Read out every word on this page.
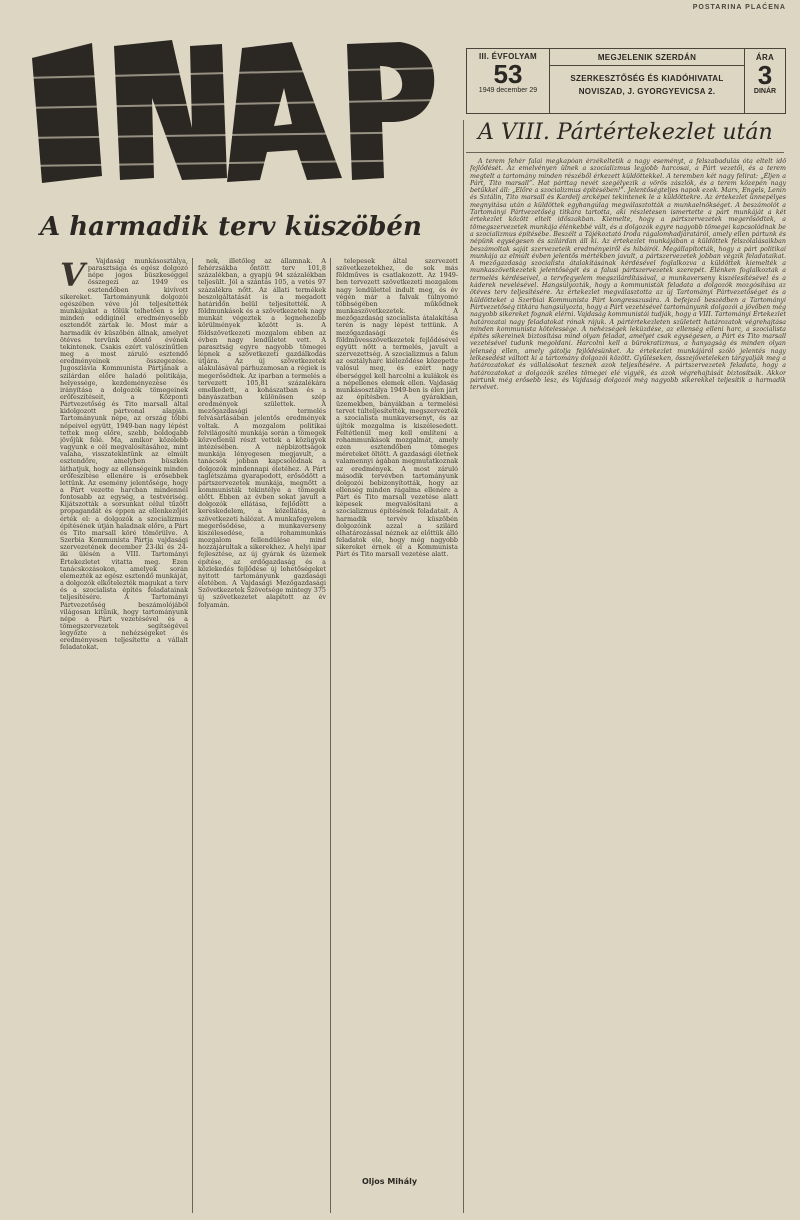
POSTARINA PLAĆENA
III. ÉVFOLYAM
53
1949 december 29
MEGJELENIK SZERDÁN
SZERKESZTŐSÉG ÉS KIADÓHIVATAL
NOVISZAD, J. GYORGYEVICSA 2.
ÁRA
3
DINÁR
A VIII. Pártértekezlet után
A harmadik terv küszöbén
V	Vajdaság munkásosztálya, parasztsága és egész dolgozó népe jogos büszkeséggel összegezi az 1949 es esztendőben kivívott sikereket. Tartományunk dolgozói egészében véve jól teljesítették munkájukat a tőlük telhetően s így minden eddiginél eredményesebb esztendőt zártak le. Most már a harmadik év küszöbén állnak, amelyet ötéves tervünk döntő évének tekintenek. Csakis ezért valószínűtlen meg a most záruló esztendő eredményeinek összegezése. Jugoszlávia Kommunista Pártjának a szilárdan előre haladó politikája, helyessége, kezdeményezése és irányítása a dolgozók tömegeinek erőfeszítéseit, a Központi Pártvezetőség és Tito marsall által kidolgozott pártvonal alapján. Tartományunk népe, az ország többi népeivel együtt, 1949-ban nagy lépést tettek meg előre, szebb, boldogabb jövőjük felé. Ma, amikor közelebb vagyunk e cél megvalósításához, mint valaha, visszatekintünk az elmúlt esztendőre, amelyben büszkén láthatjuk, hogy az ellenségeink minden erőfeszítése ellenére is erősebbek lettünk. Az esemény jelentősége, hogy a Párt vezette harcban mindennél fontosabb az egység, a testvériség. Kijátszották a sorsunkat célul tűzött propagandát és éppen az ellenkezőjét érték el: a dolgozók a szocializmus építésének útján haladnak előre, a Párt és Tito marsall köré tömörülve. A Szerbia Kommunista Pártja vajdasági szervezetének december 23-iki és 24-iki ülésén a VIII. Tartományi Értekezletet vitatta meg. Ezen tanácskozásokon, amelyek során elemezték az egész esztendő munkáját, a dolgozók elkötelezték magukat a terv és a szocialista építés feladatainak teljesítésére. A Tartományi Pártvezetőség beszámolójából világosan kitűnik, hogy tartományunk népe a Párt vezetésével és a tömegszervezetek segítségével legyőzte a nehézségeket és eredményesen teljesítette a vállalt feladatokat.

nek, illetőleg az államnak. A fehérzsákba öntött terv 101,8 százalékban, a gyapjú 94 százalékban teljesült. Jól a szántás 105, a vetés 97 százalékra nőtt. Az állati termékek beszolgáltatását is a megadott határidőn belül teljesítették. A földmunkások és a szövetkezetek nagy munkát végeztek a legnehezebb körülmények között is. A földszövetkezeti mozgalom ebben az évben nagy lendületet vett. A parasztság egyre nagyobb tömegei lépnek a szövetkezeti gazdálkodás útjára. Az új szövetkezetek alakulásával párhuzamosan a régiek is megerősödtek. Az iparban a termelés a tervezett 105,81 százalékára emelkedett, a kohászatban és a bányászatban különösen szép eredmények születtek. A mezőgazdasági termelés felvásárlásában jelentős eredmények voltak. A mozgalom politikai felvilágosító munkája során a tömegek közvetlenül részt vettek a közügyek intézésében. A népbizottságok munkája lényegesen megjavult, a tanácsok jobban kapcsolódnak a dolgozók mindennapi életéhez. A Párt taglétszáma gyarapodott, erősödött a pártszervezetek munkája, megnőtt a kommunisták tekintélye a tömegek előtt. Ebben az évben sokat javult a dolgozók ellátása, fejlődött a kereskedelem, a közellátás, a szövetkezeti hálózat. A munkafegyelem megerősödése, a munkaverseny kiszélesedése, a rohammunkás mozgalom fellendülése mind hozzájárultak a sikerekhez. A helyi ipar fejlesztése, az új gyárak és üzemek építése, az erdőgazdaság és a közlekedés fejlődése új lehetőségeket nyitott tartományunk gazdasági életében. A Vajdasági Mezőgazdasági Szövetkezetek Szövetsége mintegy 375 új szövetkezetet alapított az év folyamán.

telepesek által szervezett szövetkezetekhez, de sok más földműves is csatlakozott. Az 1949-ben tervezett szövetkezeti mozgalom nagy lendülettel indult meg, és év végén már a falvak túlnyomó többségében működnek munkaszövetkezetek. A mezőgazdaság szocialista átalakítása terén is nagy lépést tettünk. A mezőgazdasági és földművesszövetkezetek fejlődésével együtt nőtt a termelés, javult a szervezettség. A szocializmus a falun az osztályharc kiéleződése közepette valósul meg, és ezért nagy éberséggel kell harcolni a kulákok és a népellenes elemek ellen. Vajdaság munkásosztálya 1949-ben is élen járt az építésben. A gyárakban, üzemekben, bányákban a termelési tervet túlteljesítették, megszervezték a szocialista munkaversenyt, és az újítók mozgalma is kiszélesedett. Feltétlenül meg kell említeni a rohammunkások mozgalmát, amely ezen esztendőben tömeges méreteket öltött. A gazdasági életnek valamennyi ágában megmutatkoznak az eredmények. A most záruló második tervévben tartományunk dolgozói bebizonyították, hogy az ellenség minden rágalma ellenére a Párt és Tito marsall vezetése alatt képesek megvalósítani a szocializmus építésének feladatait. A harmadik tervév küszöbén dolgozóink azzal a szilárd elhatározással néznek az előttük álló feladatok elé, hogy még nagyobb sikereket érnek el a Kommunista Párt és Tito marsall vezetése alatt.

Oljos Mihály

A terem fehér falai megkapóan érzékeltetik a nagy eseményt, a felszabadulás óta eltelt idő fejlődését. Az emelvényen ülnek a szocializmus legjobb harcosai, a Párt vezetői, és a terem megtelt a tartomány minden részéből érkezett küldöttekkel. A teremben két nagy felirat: „Éljen a Párt, Tito marsall”. Hat párttag nevét szegélyezik a vörös zászlók, és a terem közepén nagy betűkkel áll: „Előre a szocializmus építésében!”. Jelentőségteljes napok ezek. Marx, Engels, Lenin és Sztálin, Tito marsall és Kardelj arcképei tekintenek le a küldöttekre. Az értekezlet ünnepélyes megnyitása után a küldöttek egyhangúlag megválasztották a munkaelnökséget. A beszámolót a Tartományi Pártvezetőség titkára tartotta, aki részletesen ismertette a párt munkáját a két értekezlet között eltelt időszakban. Kiemelte, hogy a pártszervezetek megerősödtek, a tömegszervezetek munkája élénkebbé vált, és a dolgozók egyre nagyobb tömegei kapcsolódnak be a szocializmus építésébe. Beszélt a Tájékoztató Iroda rágalomhadjáratáról, amely ellen pártunk és népünk egységesen és szilárdan áll ki. Az értekezlet munkájában a küldöttek felszólalásaikban beszámoltak saját szervezeteik eredményeiről és hibáiról. Megállapították, hogy a párt politikai munkája az elmúlt évben jelentős mértékben javult, a pártszervezetek jobban végzik feladataikat. A mezőgazdaság szocialista átalakításának kérdésével foglalkozva a küldöttek kiemelték a munkaszövetkezetek jelentőségét és a falusi pártszervezetek szerepét. Élénken foglalkoztak a termelés kérdéseivel, a tervfegyelem megszilárdításával, a munkaverseny kiszélesítésével és a káderek nevelésével. Hangsúlyozták, hogy a kommunisták feladata a dolgozók mozgósítása az ötéves terv teljesítésére. Az értekezlet megválasztotta az új Tartományi Pártvezetőséget és a küldötteket a Szerbiai Kommunista Párt kongresszusára. A befejező beszédben a Tartományi Pártvezetőség titkára hangsúlyozta, hogy a Párt vezetésével tartományunk dolgozói a jövőben még nagyobb sikereket fognak elérni. Vajdaság kommunistái tudják, hogy a VIII. Tartományi Értekezlet határozatai nagy feladatokat rónak rájuk. A pártértekezleten született határozatok végrehajtása minden kommunista kötelessége. A nehézségek leküzdése, az ellenség elleni harc, a szocialista építés sikereinek biztosítása mind olyan feladat, amelyet csak egységesen, a Párt és Tito marsall vezetésével tudunk megoldani. Harcolni kell a bürokratizmus, a hanyagság és minden olyan jelenség ellen, amely gátolja fejlődésünket. Az értekezlet munkájáról szóló jelentés nagy lelkesedést váltott ki a tartomány dolgozói között. Gyűléseken, összejöveteleken tárgyalják meg a határozatokat és vállalásokat tesznek azok teljesítésére. A pártszervezetek feladata, hogy a határozatokat a dolgozók széles tömegei elé vigyék, és azok végrehajtását biztosítsák. Akkor pártunk még erősebb lesz, és Vajdaság dolgozói még nagyobb sikerekkel teljesítik a harmadik tervévet.
